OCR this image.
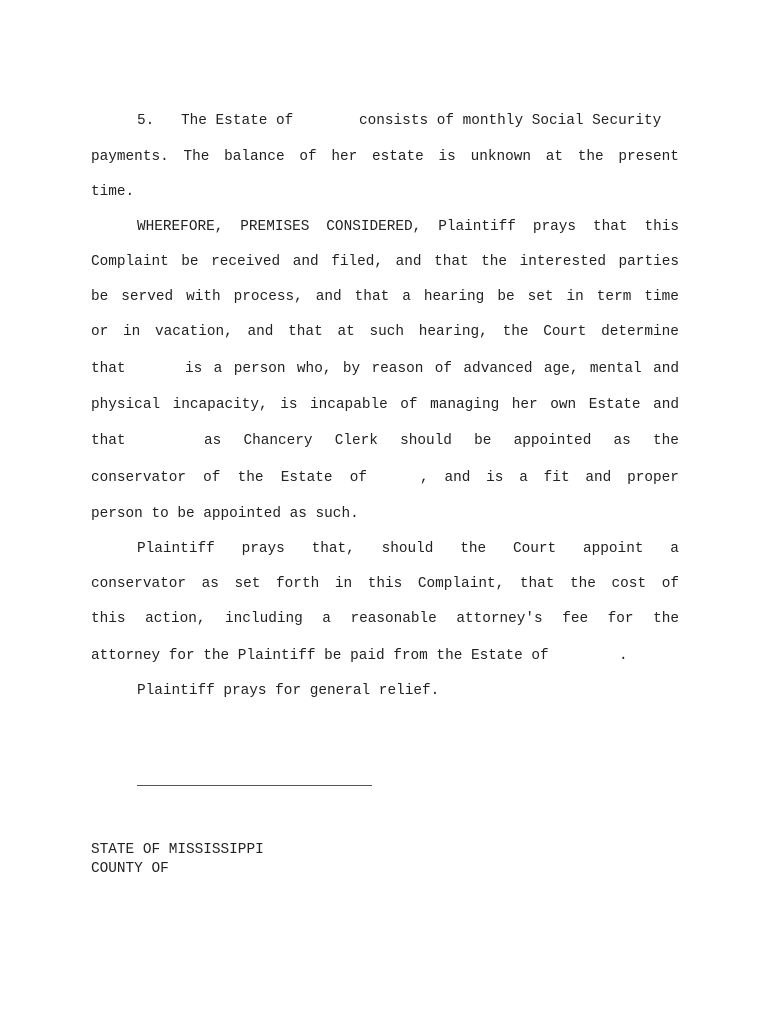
5. The Estate of	consists of monthly Social Security
payments. The balance of her estate is unknown at the present
time.
WHEREFORE, PREMISES CONSIDERED, Plaintiff prays that this
Complaint be received and filed, and that the interested parties
be served with process, and that a hearing be set in term time
or in vacation, and that at such hearing, the Court determine
that	is a person who, by reason of advanced age, mental and
physical incapacity, is incapable of managing her own Estate and
that	as Chancery Clerk should be appointed as the
conservator of the Estate of	, and is a fit and proper
person to be appointed as such.
Plaintiff prays that, should the Court appoint a
conservator as set forth in this Complaint, that the cost of
this action, including a reasonable attorney's fee for the
attorney for the Plaintiff be paid from the Estate of	.
Plaintiff prays for general relief.
STATE OF MISSISSIPPI
COUNTY OF
